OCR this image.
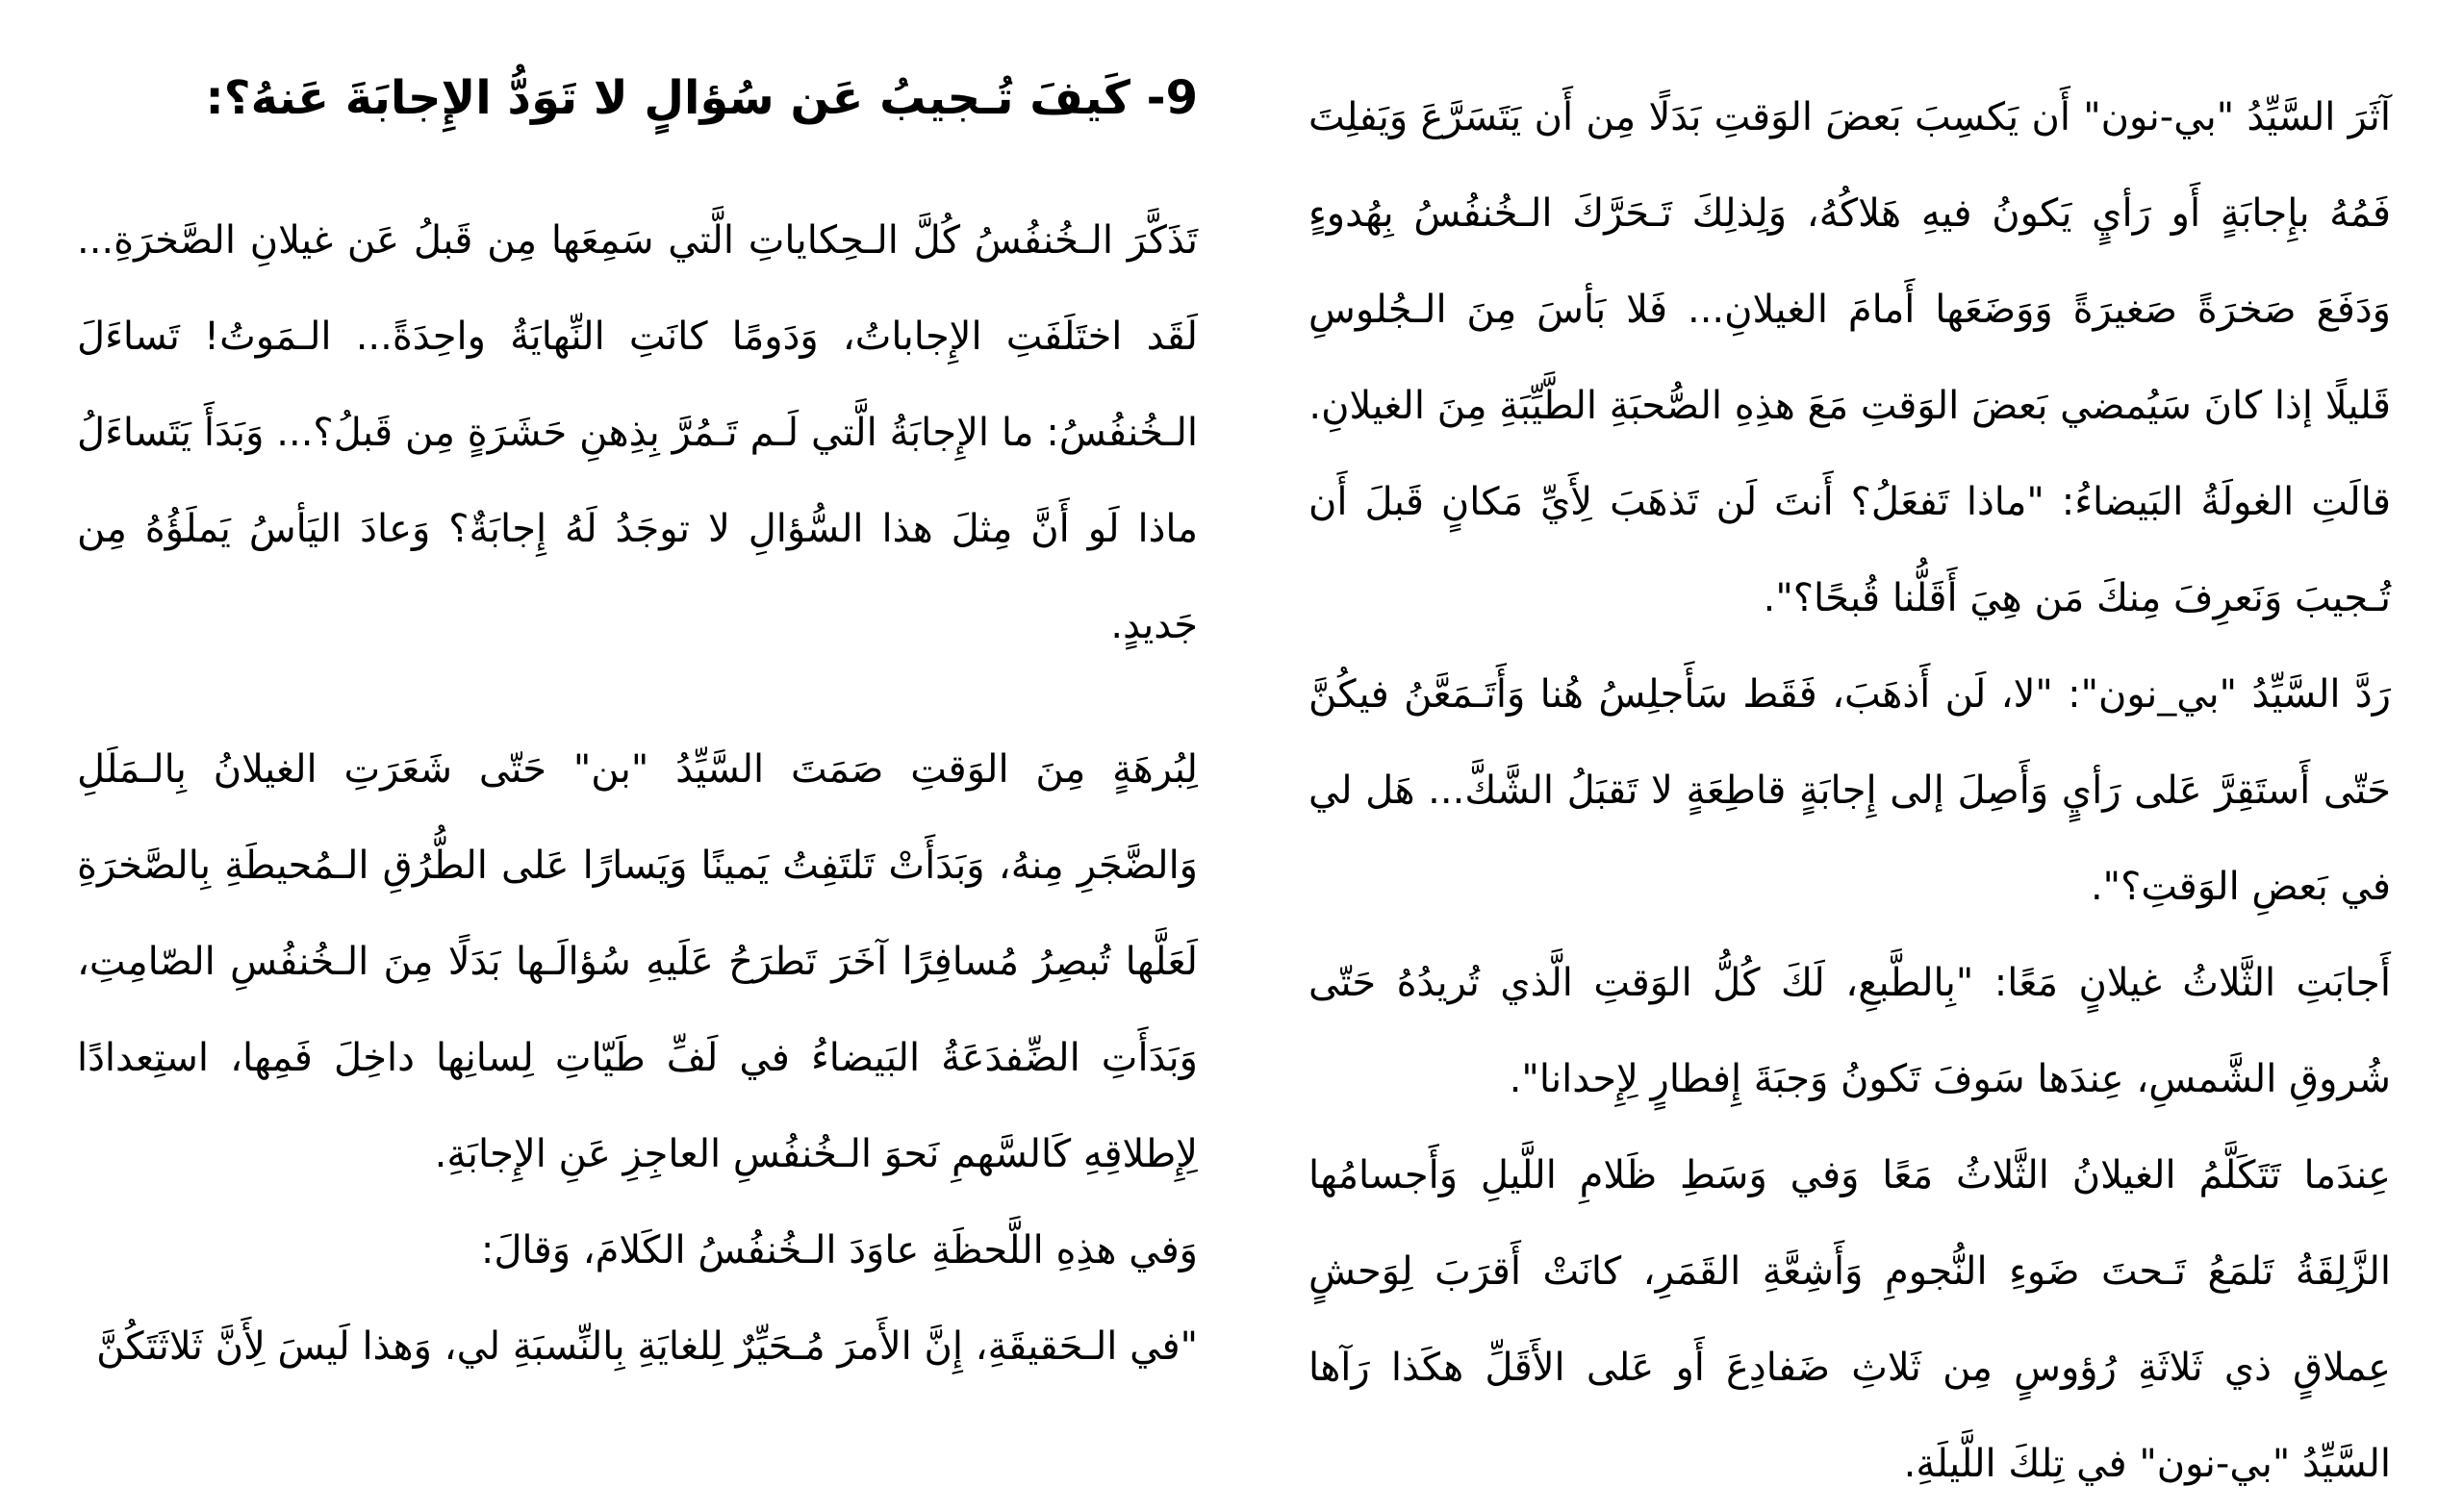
آثَرَ السَّيِّدُ "بي-نون" أَن يَكسِبَ بَعضَ الوَقتِ بَدَلًا مِن أَن يَتَسَرَّعَ وَيَفلِتَ فَمُهُ بإِجابَةٍ أَو رَأيٍ يَكونُ فيهِ هَلاكُهُ، وَلِذلِكَ تَـحَرَّكَ الـخُنفُسُ بِهُدوءٍ وَدَفَعَ صَخرَةً صَغيرَةً وَوَضَعَها أَمامَ الغيلانِ... فَلا بَأسَ مِنَ الـجُلوسِ قَليلًا إذا كانَ سَيُمضي بَعضَ الوَقتِ مَعَ هذِهِ الصُّحبَةِ الطَّيِّبَةِ مِنَ الغيلانِ.

قالَتِ الغولَةُ البَيضاءُ: "ماذا تَفعَلُ؟ أَنتَ لَن تَذهَبَ لِأَيِّ مَكانٍ قَبلَ أَن تُـجيبَ وَنَعرِفَ مِنكَ مَن هِيَ أَقَلُّنا قُبحًا؟".

رَدَّ السَّيِّدُ "بي_نون": "لا، لَن أَذهَبَ، فَقَط سَأَجلِسُ هُنا وَأَتَـمَعَّنُ فيكُنَّ حَتّى أَستَقِرَّ عَلى رَأيٍ وَأَصِلَ إلى إِجابَةٍ قاطِعَةٍ لا تَقبَلُ الشَّكَّ... هَل لي في بَعضِ الوَقتِ؟".

أَجابَتِ الثَّلاثُ غيلانٍ مَعًا: "بِالطَّبعِ، لَكَ كُلُّ الوَقتِ الَّذي تُريدُهُ حَتّى شُروقِ الشَّمسِ، عِندَها سَوفَ تَكونُ وَجبَةَ إِفطارٍ لِإِحدانا".

عِندَما تَتَكَلَّمُ الغيلانُ الثَّلاثُ مَعًا وَفي وَسَطِ ظَلامِ اللَّيلِ وَأَجسامُها الزَّلِقَةُ تَلمَعُ تَـحتَ ضَوءِ النُّجومِ وَأَشِعَّةِ القَمَرِ، كانَتْ أَقرَبَ لِوَحشٍ عِملاقٍ ذي ثَلاثَةِ رُؤوسٍ مِن ثَلاثِ ضَفادِعَ أَو عَلى الأَقَلِّ هكَذا رَآها السَّيِّدُ "بي-نون" في تِلكَ اللَّيلَةِ.

9- كَيفَ تُـجيبُ عَن سُؤالٍ لا تَوَدُّ الإِجابَةَ عَنهُ؟:

تَذَكَّرَ الـخُنفُسُ كُلَّ الـحِكاياتِ الَّتي سَمِعَها مِن قَبلُ عَن غيلانِ الصَّخرَةِ... لَقَد اختَلَفَتِ الإِجاباتُ، وَدَومًا كانَتِ النِّهايَةُ واحِدَةً... الـمَوتُ! تَساءَلَ الـخُنفُسُ: ما الإِجابَةُ الَّتي لَـم تَـمُرَّ بِذِهنِ حَشَرَةٍ مِن قَبلُ؟... وَبَدَأَ يَتَساءَلُ ماذا لَو أَنَّ مِثلَ هذا السُّؤالِ لا توجَدُ لَهُ إِجابَةٌ؟ وَعادَ اليَأسُ يَملَؤُهُ مِن جَديدٍ.

لِبُرهَةٍ مِنَ الوَقتِ صَمَتَ السَّيِّدُ "بن" حَتّى شَعَرَتِ الغيلانُ بِالـمَلَلِ وَالضَّجَرِ مِنهُ، وَبَدَأَتْ تَلتَفِتُ يَمينًا وَيَسارًا عَلى الطُّرُقِ الـمُحيطَةِ بِالصَّخرَةِ لَعَلَّها تُبصِرُ مُسافِرًا آخَرَ تَطرَحُ عَلَيهِ سُؤالَـها بَدَلًا مِنَ الـخُنفُسِ الصّامِتِ، وَبَدَأَتِ الضِّفدَعَةُ البَيضاءُ في لَفِّ طَيّاتِ لِسانِها داخِلَ فَمِها، استِعدادًا لِإِطلاقِهِ كَالسَّهمِ نَحوَ الـخُنفُسِ العاجِزِ عَنِ الإِجابَةِ.

وَفي هذِهِ اللَّحظَةِ عاوَدَ الـخُنفُسُ الكَلامَ، وَقالَ:

"في الـحَقيقَةِ، إِنَّ الأَمرَ مُـحَيِّرٌ لِلغايَةِ بِالنِّسبَةِ لي، وَهذا لَيسَ لِأَنَّ ثَلاثَتَكُنَّ
